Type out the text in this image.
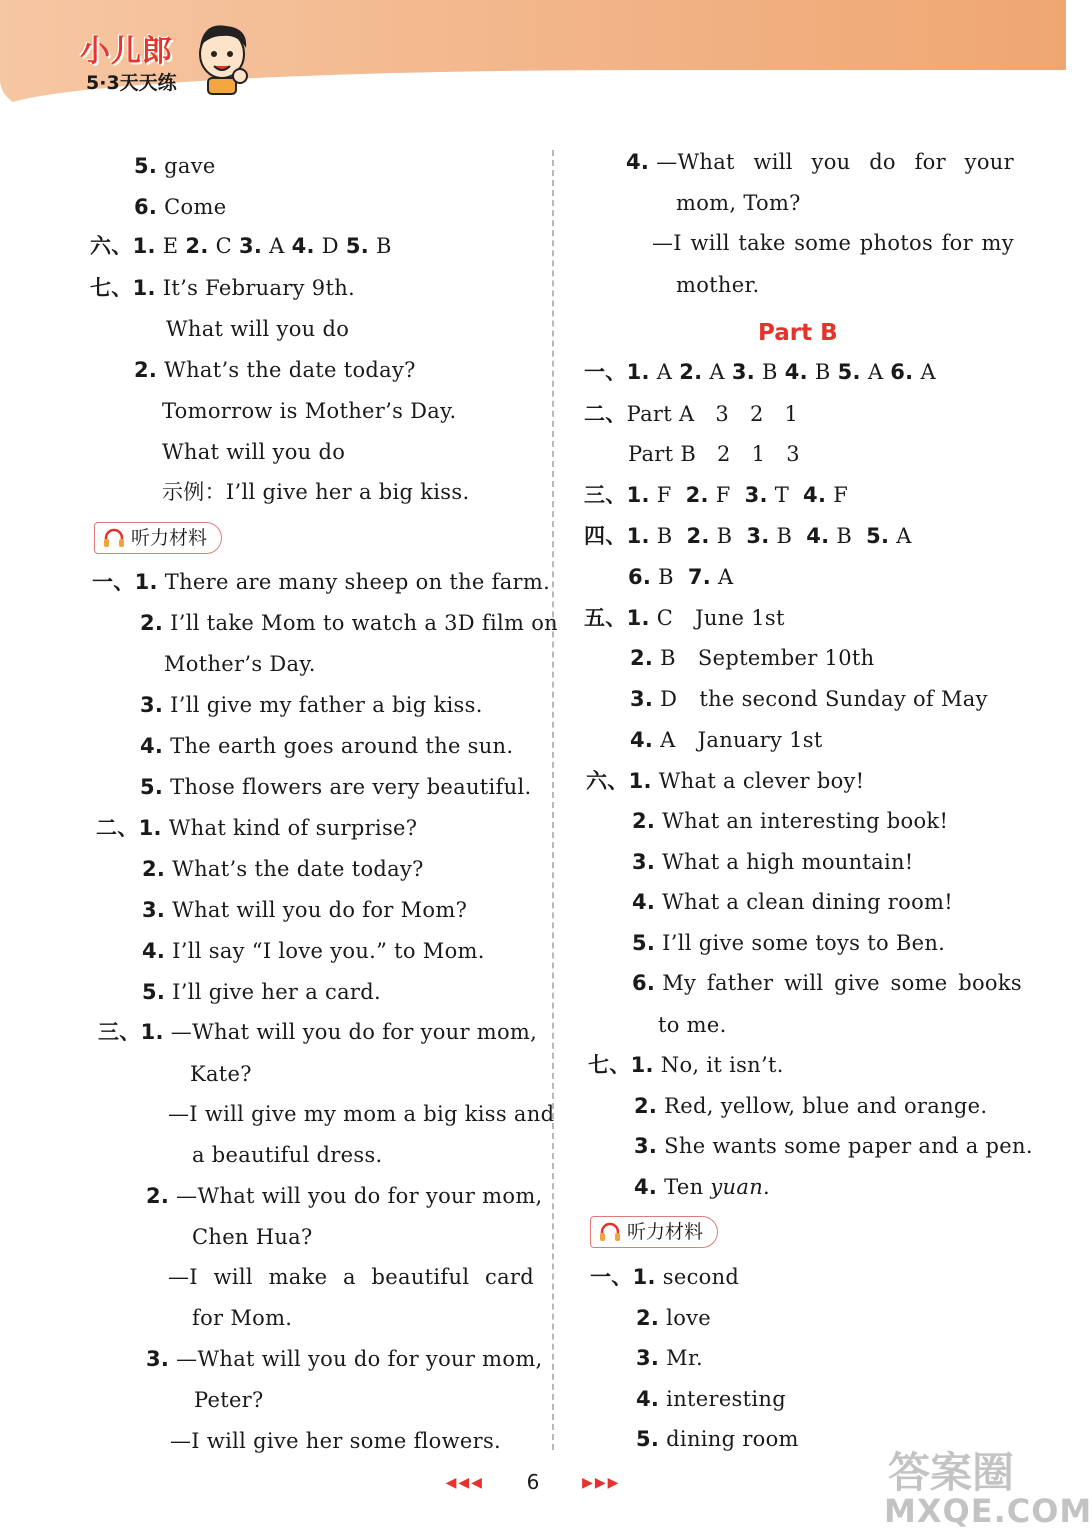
小儿郎
5·3天天练
5. gave
6. Come
六、1. E 2. C 3. A 4. D 5. B
七、1. It’s February 9th.
What will you do
2. What’s the date today?
Tomorrow is Mother’s Day.
What will you do
示例：I’ll give her a big kiss.
听力材料
一、1. There are many sheep on the farm.
2. I’ll take Mom to watch a 3D film on
Mother’s Day.
3. I’ll give my father a big kiss.
4. The earth goes around the sun.
5. Those flowers are very beautiful.
二、1. What kind of surprise?
2. What’s the date today?
3. What will you do for Mom?
4. I’ll say “I love you.” to Mom.
5. I’ll give her a card.
三、1. —What will you do for your mom,
Kate?
—I will give my mom a big kiss and
a beautiful dress.
2. —What will you do for your mom,
Chen Hua?
—I will make a beautiful card
for Mom.
3. —What will you do for your mom,
Peter?
—I will give her some flowers.
4. —What will you do for your
mom, Tom?
—I will take some photos for my
mother.
Part B
一、1. A 2. A 3. B 4. B 5. A 6. A
二、Part A   3   2   1
Part B   2   1   3
三、1. F  2. F  3. T  4. F
四、1. B  2. B  3. B  4. B  5. A
6. B  7. A
五、1. C June 1st
2. B September 10th
3. D the second Sunday of May
4. A January 1st
六、1. What a clever boy!
2. What an interesting book!
3. What a high mountain!
4. What a clean dining room!
5. I’ll give some toys to Ben.
6. My father will give some books
to me.
七、1. No, it isn’t.
2. Red, yellow, blue and orange.
3. She wants some paper and a pen.
4. Ten yuan.
听力材料
一、1. second
2. love
3. Mr.
4. interesting
5. dining room
◀◀◀ 6	▶▶▶	答案圈
MXQE.COM
